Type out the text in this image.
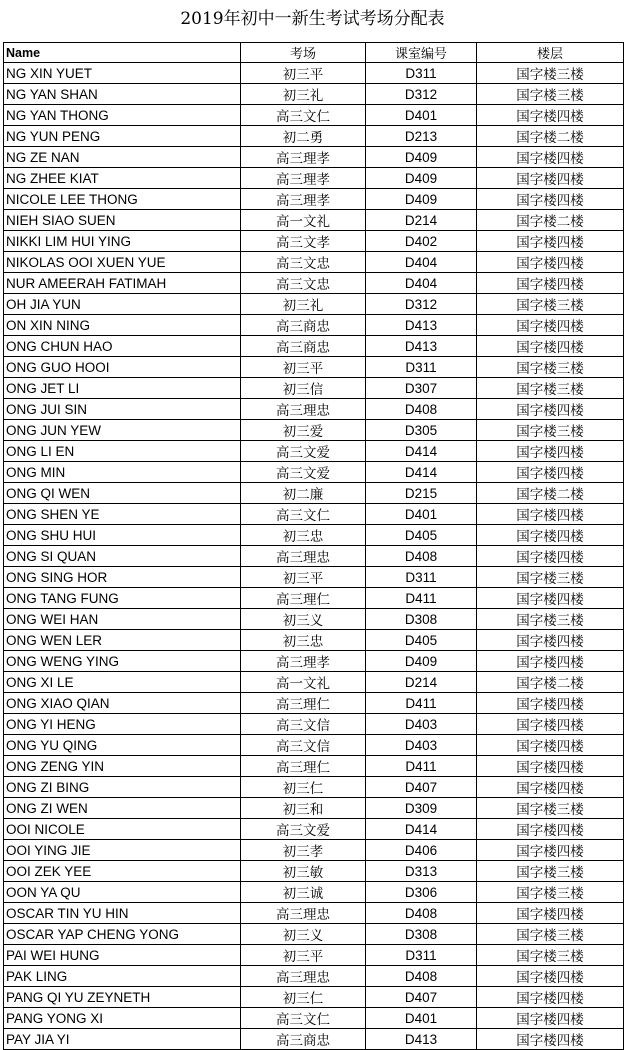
2019年初中一新生考试考场分配表
Name	考场	课室编号	楼层
NG XIN YUET	初三平	D311	国字楼三楼
NG YAN SHAN	初三礼	D312	国字楼三楼
NG YAN THONG	高三文仁	D401	国字楼四楼
NG YUN PENG	初二勇	D213	国字楼二楼
NG ZE NAN	高三理孝	D409	国字楼四楼
NG ZHEE KIAT	高三理孝	D409	国字楼四楼
NICOLE LEE THONG	高三理孝	D409	国字楼四楼
NIEH SIAO SUEN	高一文礼	D214	国字楼二楼
NIKKI LIM HUI YING	高三文孝	D402	国字楼四楼
NIKOLAS OOI XUEN YUE	高三文忠	D404	国字楼四楼
NUR AMEERAH FATIMAH	高三文忠	D404	国字楼四楼
OH JIA YUN	初三礼	D312	国字楼三楼
ON XIN NING	高三商忠	D413	国字楼四楼
ONG CHUN HAO	高三商忠	D413	国字楼四楼
ONG GUO HOOI	初三平	D311	国字楼三楼
ONG JET LI	初三信	D307	国字楼三楼
ONG JUI SIN	高三理忠	D408	国字楼四楼
ONG JUN YEW	初三爱	D305	国字楼三楼
ONG LI EN	高三文爱	D414	国字楼四楼
ONG MIN	高三文爱	D414	国字楼四楼
ONG QI WEN	初二廉	D215	国字楼二楼
ONG SHEN YE	高三文仁	D401	国字楼四楼
ONG SHU HUI	初三忠	D405	国字楼四楼
ONG SI QUAN	高三理忠	D408	国字楼四楼
ONG SING HOR	初三平	D311	国字楼三楼
ONG TANG FUNG	高三理仁	D411	国字楼四楼
ONG WEI HAN	初三义	D308	国字楼三楼
ONG WEN LER	初三忠	D405	国字楼四楼
ONG WENG YING	高三理孝	D409	国字楼四楼
ONG XI LE	高一文礼	D214	国字楼二楼
ONG XIAO QIAN	高三理仁	D411	国字楼四楼
ONG YI HENG	高三文信	D403	国字楼四楼
ONG YU QING	高三文信	D403	国字楼四楼
ONG ZENG YIN	高三理仁	D411	国字楼四楼
ONG ZI BING	初三仁	D407	国字楼四楼
ONG ZI WEN	初三和	D309	国字楼三楼
OOI NICOLE	高三文爱	D414	国字楼四楼
OOI YING JIE	初三孝	D406	国字楼四楼
OOI ZEK YEE	初三敏	D313	国字楼三楼
OON YA QU	初三诚	D306	国字楼三楼
OSCAR TIN YU HIN	高三理忠	D408	国字楼四楼
OSCAR YAP CHENG YONG	初三义	D308	国字楼三楼
PAI WEI HUNG	初三平	D311	国字楼三楼
PAK LING	高三理忠	D408	国字楼四楼
PANG QI YU ZEYNETH	初三仁	D407	国字楼四楼
PANG YONG XI	高三文仁	D401	国字楼四楼
PAY JIA YI	高三商忠	D413	国字楼四楼
